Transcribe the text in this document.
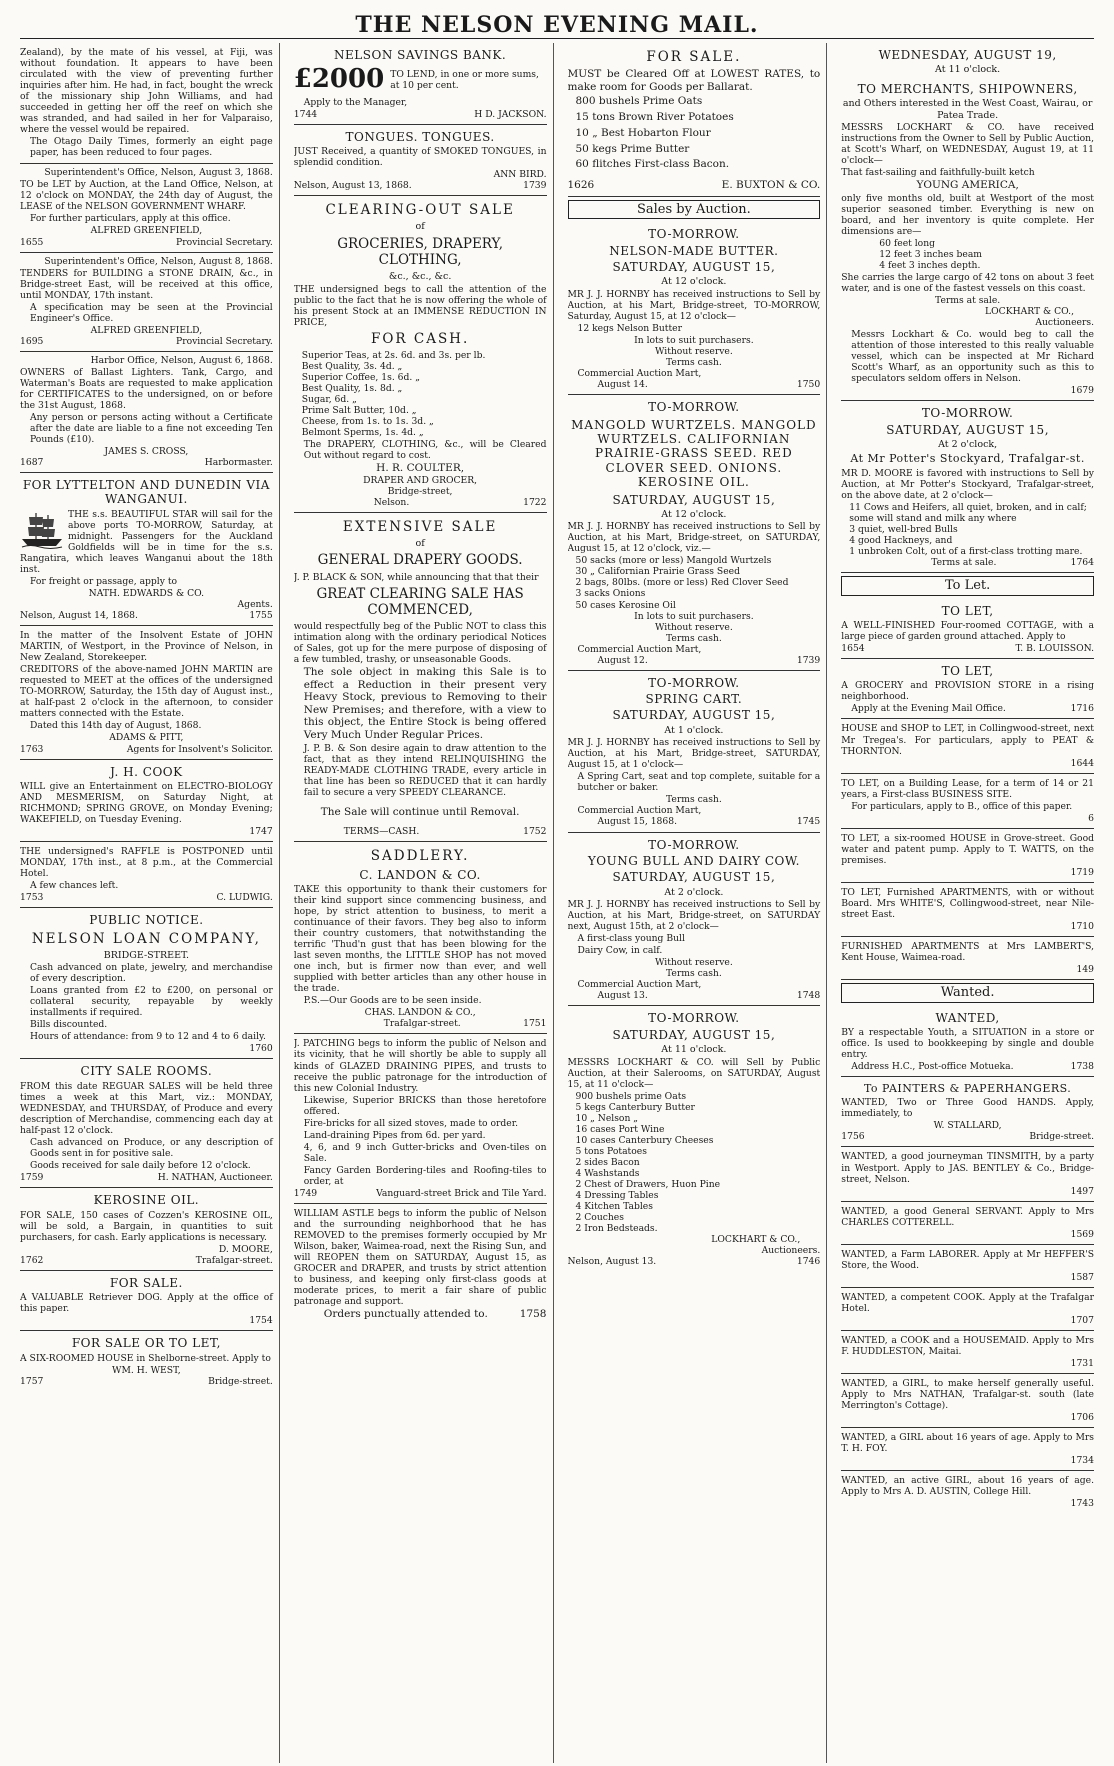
THE NELSON EVENING MAIL.

Zealand), by the mate of his vessel, at Fiji, was without foundation. It appears to have been circulated with the view of preventing further inquiries after him. He had, in fact, bought the wreck of the missionary ship John Williams, and had succeeded in getting her off the reef on which she was stranded, and had sailed in her for Valparaiso, where the vessel would be repaired.

The Otago Daily Times, formerly an eight page paper, has been reduced to four pages.

Superintendent's Office, Nelson, August 3, 1868.

TO be LET by Auction, at the Land Office, Nelson, at 12 o'clock on MONDAY, the 24th day of August, the LEASE of the NELSON GOVERNMENT WHARF.

For further particulars, apply at this office.

ALFRED GREENFIELD,
1655	Provincial Secretary.
Superintendent's Office, Nelson, August 8, 1868.

TENDERS for BUILDING a STONE DRAIN, &c., in Bridge-street East, will be received at this office, until MONDAY, 17th instant.

A specification may be seen at the Provincial Engineer's Office.

ALFRED GREENFIELD,
1695	Provincial Secretary.
Harbor Office, Nelson, August 6, 1868.

OWNERS of Ballast Lighters. Tank, Cargo, and Waterman's Boats are requested to make application for CERTIFICATES to the undersigned, on or before the 31st August, 1868.

Any person or persons acting without a Certificate after the date are liable to a fine not exceeding Ten Pounds (£10).

JAMES S. CROSS,
1687	Harbormaster.
FOR LYTTELTON AND DUNEDIN VIA WANGANUI.

THE s.s. BEAUTIFUL STAR will sail for the above ports TO-MORROW, Saturday, at midnight. Passengers for the Auckland Goldfields will be in time for the s.s. Rangatira, which leaves Wanganui about the 18th inst.

For freight or passage, apply to

NATH. EDWARDS & CO.
Agents.
Nelson, August 14, 1868.	1755

In the matter of the Insolvent Estate of JOHN MARTIN, of Westport, in the Province of Nelson, in New Zealand, Storekeeper.

CREDITORS of the above-named JOHN MARTIN are requested to MEET at the offices of the undersigned TO-MORROW, Saturday, the 15th day of August inst., at half-past 2 o'clock in the afternoon, to consider matters connected with the Estate.

Dated this 14th day of August, 1868.

ADAMS & PITT,
1763	Agents for Insolvent's Solicitor.
J. H. COOK

WILL give an Entertainment on ELECTRO-BIOLOGY AND MESMERISM, on Saturday Night, at RICHMOND; SPRING GROVE, on Monday Evening; WAKEFIELD, on Tuesday Evening.

1747

THE undersigned's RAFFLE is POSTPONED until MONDAY, 17th inst., at 8 p.m., at the Commercial Hotel.

A few chances left.

1753	C. LUDWIG.
PUBLIC NOTICE.
NELSON LOAN COMPANY,
BRIDGE-STREET.

Cash advanced on plate, jewelry, and merchandise of every description.

Loans granted from £2 to £200, on personal or collateral security, repayable by weekly installments if required.

Bills discounted.

Hours of attendance: from 9 to 12 and 4 to 6 daily.

1760
CITY SALE ROOMS.

FROM this date REGUAR SALES will be held three times a week at this Mart, viz.: MONDAY, WEDNESDAY, and THURSDAY, of Produce and every description of Merchandise, commencing each day at half-past 12 o'clock.

Cash advanced on Produce, or any description of Goods sent in for positive sale.

Goods received for sale daily before 12 o'clock.

1759	H. NATHAN, Auctioneer.
KEROSINE OIL.

FOR SALE, 150 cases of Cozzen's KEROSINE OIL, will be sold, a Bargain, in quantities to suit purchasers, for cash. Early applications is necessary.

D. MOORE,
1762	Trafalgar-street.
FOR SALE.

A VALUABLE Retriever DOG. Apply at the office of this paper.

1754
FOR SALE OR TO LET,

A SIX-ROOMED HOUSE in Shelborne-street. Apply to

WM. H. WEST,
1757	Bridge-street.
NELSON SAVINGS BANK.
£2000 TO LEND, in one or more sums, at 10 per cent.

Apply to the Manager,

1744	H D. JACKSON.
TONGUES. TONGUES.

JUST Received, a quantity of SMOKED TONGUES, in splendid condition.

ANN BIRD.
Nelson, August 13, 1868.	1739
CLEARING-OUT SALE
of
GROCERIES, DRAPERY, CLOTHING,
&c., &c., &c.

THE undersigned begs to call the attention of the public to the fact that he is now offering the whole of his present Stock at an IMMENSE REDUCTION IN PRICE,

FOR CASH.
Superior Teas, at 2s. 6d. and 3s. per lb.
Best Quality, 3s. 4d. „
Superior Coffee, 1s. 6d. „
Best Quality, 1s. 8d. „
Sugar, 6d. „
Prime Salt Butter, 10d. „
Cheese, from 1s. to 1s. 3d. „
Belmont Sperms, 1s. 4d. „

The DRAPERY, CLOTHING, &c., will be Cleared Out without regard to cost.

H. R. COULTER,
DRAPER AND GROCER,
Bridge-street,
Nelson.	1722
EXTENSIVE SALE
of
GENERAL DRAPERY GOODS.

J. P. BLACK & SON, while announcing that that their

GREAT CLEARING SALE HAS COMMENCED,

would respectfully beg of the Public NOT to class this intimation along with the ordinary periodical Notices of Sales, got up for the mere purpose of disposing of a few tumbled, trashy, or unseasonable Goods.

The sole object in making this Sale is to effect a Reduction in their present very Heavy Stock, previous to Removing to their New Premises; and therefore, with a view to this object, the Entire Stock is being offered Very Much Under Regular Prices.

J. P. B. & Son desire again to draw attention to the fact, that as they intend RELINQUISHING the READY-MADE CLOTHING TRADE, every article in that line has been so REDUCED that it can hardly fail to secure a very SPEEDY CLEARANCE.

The Sale will continue until Removal.
TERMS—CASH.	1752
SADDLERY.
C. LANDON & CO.

TAKE this opportunity to thank their customers for their kind support since commencing business, and hope, by strict attention to business, to merit a continuance of their favors. They beg also to inform their country customers, that notwithstanding the terrific 'Thud'n gust that has been blowing for the last seven months, the LITTLE SHOP has not moved one inch, but is firmer now than ever, and well supplied with better articles than any other house in the trade.

P.S.—Our Goods are to be seen inside.

CHAS. LANDON & CO.,
Trafalgar-street.	1751

J. PATCHING begs to inform the public of Nelson and its vicinity, that he will shortly be able to supply all kinds of GLAZED DRAINING PIPES, and trusts to receive the public patronage for the introduction of this new Colonial Industry.

Likewise, Superior BRICKS than those heretofore offered.

Fire-bricks for all sized stoves, made to order.

Land-draining Pipes from 6d. per yard.

4, 6, and 9 inch Gutter-bricks and Oven-tiles on Sale.

Fancy Garden Bordering-tiles and Roofing-tiles to order, at

1749	Vanguard-street Brick and Tile Yard.

WILLIAM ASTLE begs to inform the public of Nelson and the surrounding neighborhood that he has REMOVED to the premises formerly occupied by Mr Wilson, baker, Waimea-road, next the Rising Sun, and will REOPEN them on SATURDAY, August 15, as GROCER and DRAPER, and trusts by strict attention to business, and keeping only first-class goods at moderate prices, to merit a fair share of public patronage and support.

Orders punctually attended to.	1758
FOR SALE.

MUST be Cleared Off at LOWEST RATES, to make room for Goods per Ballarat.

800 bushels Prime Oats
15 tons Brown River Potatoes
10 „ Best Hobarton Flour
50 kegs Prime Butter
60 flitches First-class Bacon.
1626	E. BUXTON & CO.
Sales by Auction.
TO-MORROW.
NELSON-MADE BUTTER.
SATURDAY, AUGUST 15,
At 12 o'clock.

MR J. J. HORNBY has received instructions to Sell by Auction, at his Mart, Bridge-street, TO-MORROW, Saturday, August 15, at 12 o'clock—

12 kegs Nelson Butter

In lots to suit purchasers.
Without reserve.
Terms cash.
Commercial Auction Mart,
August 14.	1750
TO-MORROW.
MANGOLD WURTZELS. MANGOLD WURTZELS. CALIFORNIAN PRAIRIE-GRASS SEED. RED CLOVER SEED. ONIONS. KEROSINE OIL.
SATURDAY, AUGUST 15,
At 12 o'clock.

MR J. J. HORNBY has received instructions to Sell by Auction, at his Mart, Bridge-street, on SATURDAY, August 15, at 12 o'clock, viz.—

50 sacks (more or less) Mangold Wurtzels
30 „ Californian Prairie Grass Seed
2 bags, 80lbs. (more or less) Red Clover Seed
3 sacks Onions
50 cases Kerosine Oil
In lots to suit purchasers.
Without reserve.
Terms cash.
Commercial Auction Mart,
August 12.	1739
TO-MORROW.
SPRING CART.
SATURDAY, AUGUST 15,
At 1 o'clock.

MR J. J. HORNBY has received instructions to Sell by Auction, at his Mart, Bridge-street, SATURDAY, August 15, at 1 o'clock—

A Spring Cart, seat and top complete, suitable for a butcher or baker.

Terms cash.
Commercial Auction Mart,
August 15, 1868.	1745
TO-MORROW.
YOUNG BULL AND DAIRY COW.
SATURDAY, AUGUST 15,
At 2 o'clock.

MR J. J. HORNBY has received instructions to Sell by Auction, at his Mart, Bridge-street, on SATURDAY next, August 15th, at 2 o'clock—

A first-class young Bull

Dairy Cow, in calf.

Without reserve.
Terms cash.
Commercial Auction Mart,
August 13.	1748
TO-MORROW.
SATURDAY, AUGUST 15,
At 11 o'clock.

MESSRS LOCKHART & CO. will Sell by Public Auction, at their Salerooms, on SATURDAY, August 15, at 11 o'clock—

900 bushels prime Oats
5 kegs Canterbury Butter
10 „ Nelson „
16 cases Port Wine
10 cases Canterbury Cheeses
5 tons Potatoes
2 sides Bacon
4 Washstands
2 Chest of Drawers, Huon Pine
4 Dressing Tables
4 Kitchen Tables
2 Couches
2 Iron Bedsteads.
LOCKHART & CO.,
Auctioneers.
Nelson, August 13.	1746
WEDNESDAY, AUGUST 19,
At 11 o'clock.
TO MERCHANTS, SHIPOWNERS,
and Others interested in the West Coast, Wairau, or Patea Trade.

MESSRS LOCKHART & CO. have received instructions from the Owner to Sell by Public Auction, at Scott's Wharf, on WEDNESDAY, August 19, at 11 o'clock—

That fast-sailing and faithfully-built ketch

YOUNG AMERICA,

only five months old, built at Westport of the most superior seasoned timber. Everything is new on board, and her inventory is quite complete. Her dimensions are—

60 feet long
12 feet 3 inches beam
4 feet 3 inches depth.

She carries the large cargo of 42 tons on about 3 feet water, and is one of the fastest vessels on this coast.

Terms at sale.
LOCKHART & CO.,
Auctioneers.

Messrs Lockhart & Co. would beg to call the attention of those interested to this really valuable vessel, which can be inspected at Mr Richard Scott's Wharf, as an opportunity such as this to speculators seldom offers in Nelson.

1679
TO-MORROW.
SATURDAY, AUGUST 15,
At 2 o'clock,
At Mr Potter's Stockyard, Trafalgar-st.

MR D. MOORE is favored with instructions to Sell by Auction, at Mr Potter's Stockyard, Trafalgar-street, on the above date, at 2 o'clock—

11 Cows and Heifers, all quiet, broken, and in calf; some will stand and milk any where
3 quiet, well-bred Bulls
4 good Hackneys, and
1 unbroken Colt, out of a first-class trotting mare.
Terms at sale.	1764
To Let.
TO LET,

A WELL-FINISHED Four-roomed COTTAGE, with a large piece of garden ground attached. Apply to

1654	T. B. LOUISSON.
TO LET,

A GROCERY and PROVISION STORE in a rising neighborhood.

Apply at the Evening Mail Office.	1716

HOUSE and SHOP to LET, in Collingwood-street, next Mr Tregea's. For particulars, apply to PEAT & THORNTON.

1644

TO LET, on a Building Lease, for a term of 14 or 21 years, a First-class BUSINESS SITE.

For particulars, apply to B., office of this paper.

6

TO LET, a six-roomed HOUSE in Grove-street. Good water and patent pump. Apply to T. WATTS, on the premises.

1719

TO LET, Furnished APARTMENTS, with or without Board. Mrs WHITE'S, Collingwood-street, near Nile-street East.

1710

FURNISHED APARTMENTS at Mrs LAMBERT'S, Kent House, Waimea-road.

149
Wanted.
WANTED,

BY a respectable Youth, a SITUATION in a store or office. Is used to bookkeeping by single and double entry.

Address H.C., Post-office Motueka.	1738
To PAINTERS & PAPERHANGERS.

WANTED, Two or Three Good HANDS. Apply, immediately, to

W. STALLARD,
1756	Bridge-street.

WANTED, a good journeyman TINSMITH, by a party in Westport. Apply to JAS. BENTLEY & Co., Bridge-street, Nelson.

1497

WANTED, a good General SERVANT. Apply to Mrs CHARLES COTTERELL.

1569

WANTED, a Farm LABORER. Apply at Mr HEFFER'S Store, the Wood.

1587

WANTED, a competent COOK. Apply at the Trafalgar Hotel.

1707

WANTED, a COOK and a HOUSEMAID. Apply to Mrs F. HUDDLESTON, Maitai.

1731

WANTED, a GIRL, to make herself generally useful. Apply to Mrs NATHAN, Trafalgar-st. south (late Merrington's Cottage).

1706

WANTED, a GIRL about 16 years of age. Apply to Mrs T. H. FOY.

1734

WANTED, an active GIRL, about 16 years of age. Apply to Mrs A. D. AUSTIN, College Hill.

1743
